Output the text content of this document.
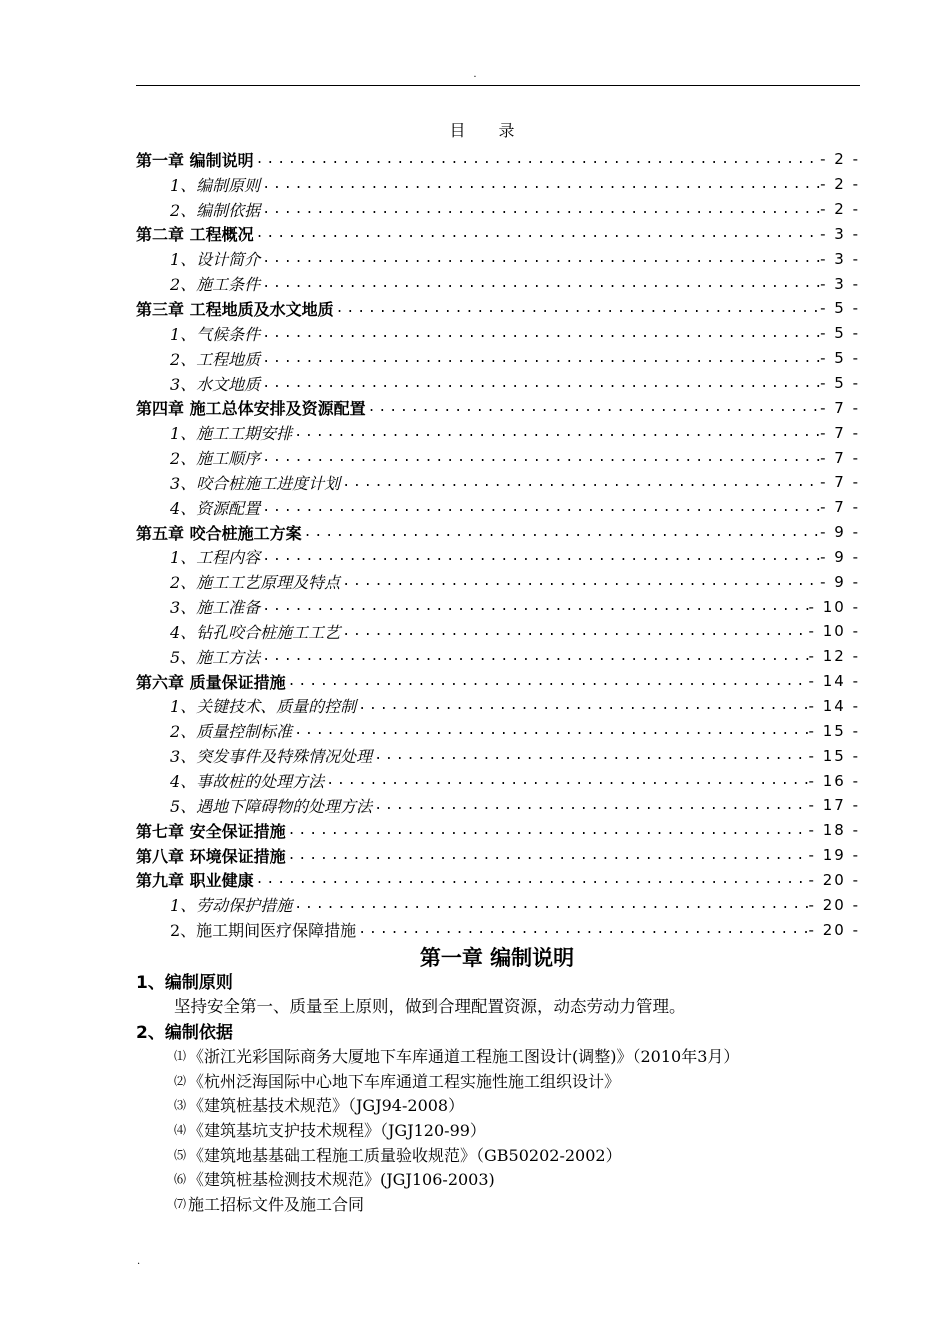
.
目 录
第一章 编制说明 .....	- 2 -
1、编制原则 .....	- 2 -
2、编制依据 .....	- 2 -
第二章 工程概况 .....	- 3 -
1、设计简介 .....	- 3 -
2、施工条件 .....	- 3 -
第三章 工程地质及水文地质 .....	- 5 -
1、气候条件 .....	- 5 -
2、工程地质 .....	- 5 -
3、水文地质 .....	- 5 -
第四章 施工总体安排及资源配置 .....	- 7 -
1、施工工期安排 .....	- 7 -
2、施工顺序 .....	- 7 -
3、咬合桩施工进度计划 .....	- 7 -
4、资源配置 .....	- 7 -
第五章 咬合桩施工方案 .....	- 9 -
1、工程内容 .....	- 9 -
2、施工工艺原理及特点 .....	- 9 -
3、施工准备 .....	- 10 -
4、钻孔咬合桩施工工艺 .....	- 10 -
5、施工方法 .....	- 12 -
第六章 质量保证措施 .....	- 14 -
1、关键技术、质量的控制 .....	- 14 -
2、质量控制标准 .....	- 15 -
3、突发事件及特殊情况处理 .....	- 15 -
4、事故桩的处理方法 .....	- 16 -
5、遇地下障碍物的处理方法 .....	- 17 -
第七章 安全保证措施 .....	- 18 -
第八章 环境保证措施 .....	- 19 -
第九章 职业健康 .....	- 20 -
1、劳动保护措施 .....	- 20 -
2、施工期间医疗保障措施 .....	- 20 -
第一章 编制说明
1、编制原则
坚持安全第一、质量至上原则，做到合理配置资源，动态劳动力管理。
2、编制依据
⑴ 《浙江光彩国际商务大厦地下车库通道工程施工图设计(调整)》（2010年3月）
⑵ 《杭州泛海国际中心地下车库通道工程实施性施工组织设计》
⑶ 《建筑桩基技术规范》（JGJ94-2008）
⑷ 《建筑基坑支护技术规程》（JGJ120-99）
⑸ 《建筑地基基础工程施工质量验收规范》（GB50202-2002）
⑹ 《建筑桩基检测技术规范》(JGJ106-2003)
⑺ 施工招标文件及施工合同
.
